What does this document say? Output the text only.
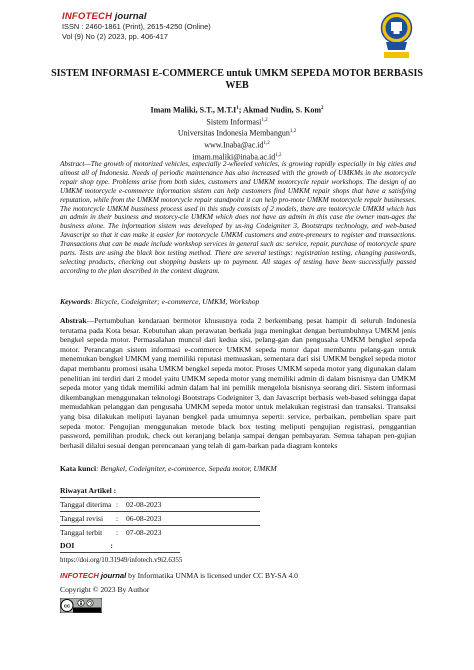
INFOTECH journal
ISSN : 2460-1861 (Print), 2615-4250 (Online)
Vol (9) No (2) 2023, pp. 406-417
SISTEM INFORMASI E-COMMERCE untuk UMKM SEPEDA MOTOR BERBASIS WEB
Imam Maliki, S.T., $M.T.I^1$; Akmad Nudin, S. Kom$^2$
Sistem Informasi$^{1,2}$
Universitas Indonesia Membangun$^{1,2}$
www.Inaba@ac.id$^{1,2}$
imam.maliki@inaba.ac.id$^{1,2}$
Abstract—The growth of motorized vehicles, especially 2-wheeled vehicles, is growing rapidly especially in big cities and almost all of Indonesia. Needs of periodic maintenance has also increased with the growth of UMKMs in the motorcycle repair shop type. Problems arise from both sides, customers and UMKM motorcycle repair workshops. The design of an UMKM motorcycle e-commerce information sistem can help customers find UMKM repair shops that have a satisfying reputation, while from the UMKM motorcycle repair standpoint it can help pro-mote UMKM motorcycle repair businesses. The motorcycle UMKM bussiness process used in this study consists of 2 models, there are motorcycle UMKM which has an admin in their business and motorcy-cle UMKM which does not have an admin in this case the owner man-ages the business alone. The information sistem was developed by us-ing Codeigniter 3, Bootstraps technology, and web-based Javascript so that it can make it easier for motorcycle UMKM customers and entre-preneurs to register and transactions. Transactions that can be made include workshop services in general such as: service, repair, purchase of motorcycle spare parts. Tests are using the black box testing method. There are several testings: registration testing, changing passwords, selecting products, checking out shopping baskets up to payment. All stages of testing have been successfully passed according to the plan described in the context diagram.
Keywords: Bicycle, Codeigniter; e-commerce, UMKM, Workshop
Abstrak—Pertumbuhan kendaraan bermotor khususnya roda 2 berkembang pesat hampir di seluruh Indonesia terutama pada Kota besar. Kebutuhan akan perawatan berkala juga meningkat dengan bertumbuhnya UMKM jenis bengkel sepeda motor. Permasalahan muncul dari kedua sisi, pelang-gan dan pengusaha UMKM bengkel sepeda motor. Perancangan sistem informasi e-commerce UMKM sepeda motor dapat membantu pelang-gan untuk menemukan bengkel UMKM yang memiliki reputasi memuaskan, sementara dari sisi UMKM bengkel sepeda motor dapat membantu promosi usaha UMKM bengkel sepeda motor. Proses UMKM sepeda motor yang digunakan dalam penelitian ini terdiri dari 2 model yaitu UMKM sepeda motor yang memiliki admin di dalam bisnisnya dan UMKM sepeda motor yang tidak memiliki admin dalam hal ini pemilik mengelola bisnisnya seorang diri. Sistem informasi dikembangkan menggunakan teknologi Bootstraps Codeigniter 3, dan Javascript berbasis web-based sehingga dapat memudahkan pelanggan dan pengusaha UMKM sepeda motor untuk melakukan registrasi dan transaksi. Transaksi yang bisa dilakukan meliputi layanan bengkel pada umumnya seperti: service, perbaikan, pembelian spare part sepeda motor. Pengujian menggunakan metode black box testing meliputi pengujian registrasi, penggantian password, pemilihan produk, check out keranjang belanja sampai dengan pembayaran. Semua tahapan pen-gujian berhasil dilalui sesuai dengan perencanaan yang telah di gam-barkan pada diagram konteks
Kata kunci: Bengkel, Codeigniter, e-commerce, Sepeda motor, UMKM
Riwayat Artikel :
Tanggal diterima :	02-08-2023
Tanggal revisi	:	06-08-2023
Tanggal terbit	:	07-08-2023
DOI	:
https://doi.org/10.31949/infotech.v9i2.6355
INFOTECH journal by Informatika UNMA is licensed under CC BY-SA 4.0
Copyright © 2023 By Author
cc
